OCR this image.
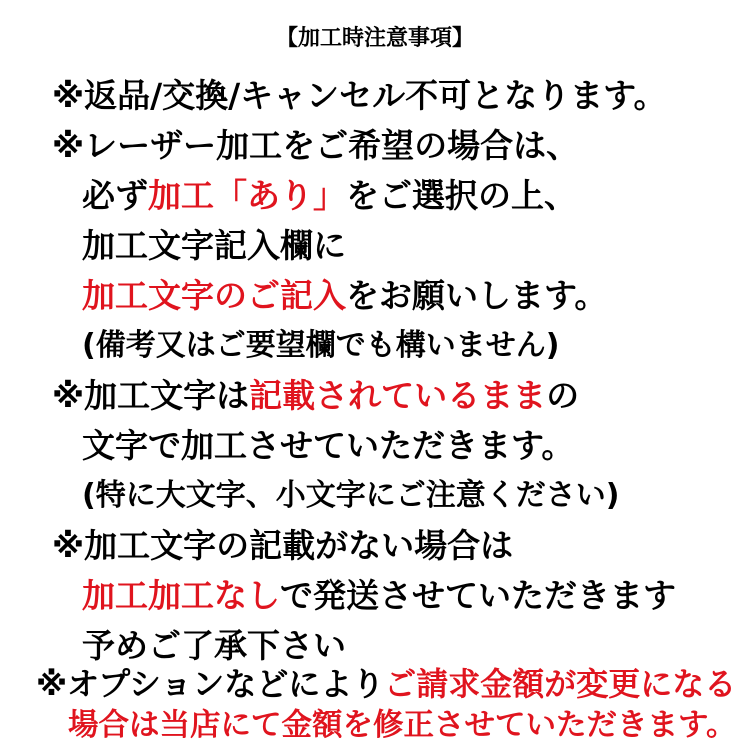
【加工時注意事項】
※返品/交換/キャンセル不可となります。
※レーザー加工をご希望の場合は、
必ず加工「あり」をご選択の上、
加工文字記入欄に
加工文字のご記入をお願いします。
(備考又はご要望欄でも構いません)
※加工文字は記載されているままの
文字で加工させていただきます。
(特に大文字、小文字にご注意ください)
※加工文字の記載がない場合は
加工加工なしで発送させていただきます
予めご了承下さい
※オプションなどによりご請求金額が変更になる
場合は当店にて金額を修正させていただきます。
